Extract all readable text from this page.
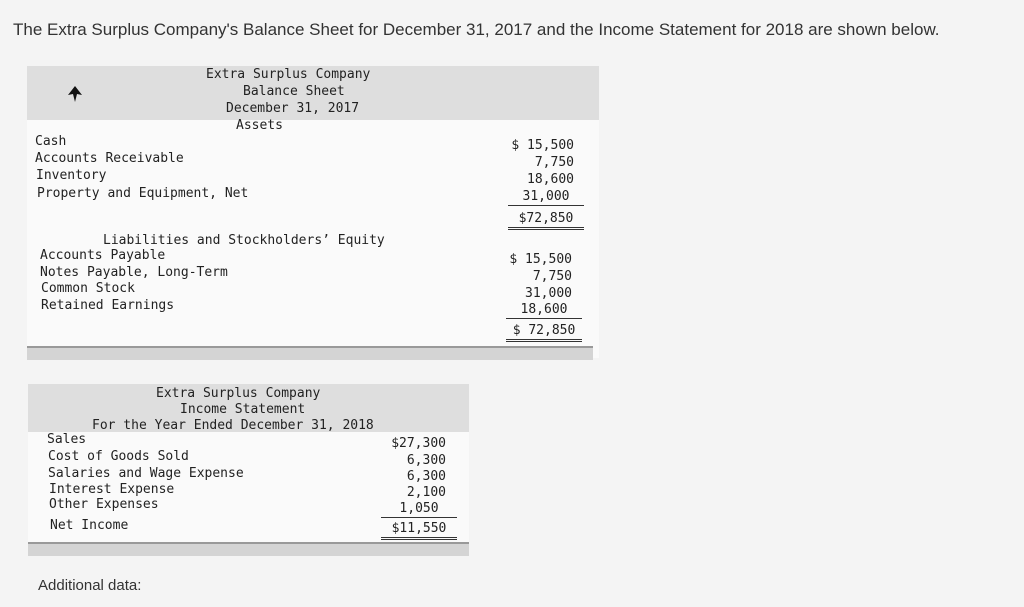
The Extra Surplus Company's Balance Sheet for December 31, 2017 and the Income Statement for 2018 are shown below.
Extra Surplus Company
Balance Sheet
December 31, 2017
Assets
Cash
Accounts Receivable
Inventory
Property and Equipment, Net
$ 15,500
7,750
18,600
31,000
$72,850
Liabilities and Stockholders’ Equity
Accounts Payable
Notes Payable, Long-Term
Common Stock
Retained Earnings
$ 15,500
7,750
31,000
18,600
$ 72,850
Extra Surplus Company
Income Statement
For the Year Ended December 31, 2018
Sales
Cost of Goods Sold
Salaries and Wage Expense
Interest Expense
Other Expenses
$27,300
6,300
6,300
2,100
1,050
Net Income	$11,550
Additional data:
